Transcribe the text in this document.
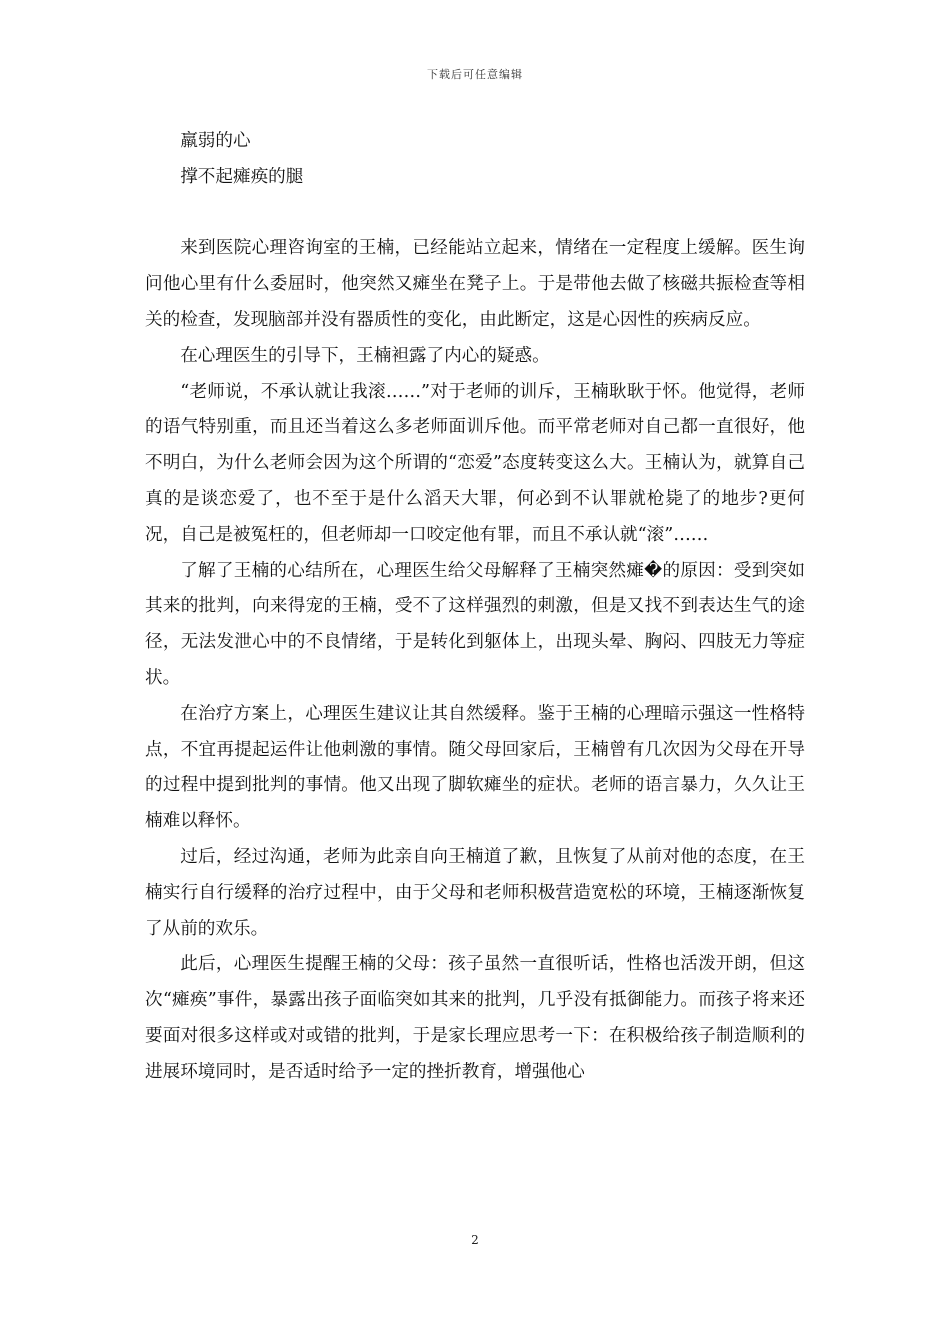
下载后可任意编辑

羸弱的心

撑不起瘫痪的腿

来到医院心理咨询室的王楠，已经能站立起来，情绪在一定程度上缓解。医生询问他心里有什么委屈时，他突然又瘫坐在凳子上。于是带他去做了核磁共振检查等相关的检查，发现脑部并没有器质性的变化，由此断定，这是心因性的疾病反应。

在心理医生的引导下，王楠袒露了内心的疑惑。

“老师说，不承认就让我滚……”对于老师的训斥，王楠耿耿于怀。他觉得，老师的语气特别重，而且还当着这么多老师面训斥他。而平常老师对自己都一直很好，他不明白，为什么老师会因为这个所谓的“恋爱”态度转变这么大。王楠认为，就算自己真的是谈恋爱了，也不至于是什么滔天大罪，何必到不认罪就枪毙了的地步?更何况，自己是被冤枉的，但老师却一口咬定他有罪，而且不承认就“滚”……

了解了王楠的心结所在，心理医生给父母解释了王楠突然瘫�的原因：受到突如其来的批判，向来得宠的王楠，受不了这样强烈的刺激，但是又找不到表达生气的途径，无法发泄心中的不良情绪，于是转化到躯体上，出现头晕、胸闷、四肢无力等症状。

在治疗方案上，心理医生建议让其自然缓释。鉴于王楠的心理暗示强这一性格特点，不宜再提起运件让他刺激的事情。随父母回家后，王楠曾有几次因为父母在开导的过程中提到批判的事情。他又出现了脚软瘫坐的症状。老师的语言暴力，久久让王楠难以释怀。

过后，经过沟通，老师为此亲自向王楠道了歉，且恢复了从前对他的态度，在王楠实行自行缓释的治疗过程中，由于父母和老师积极营造宽松的环境，王楠逐渐恢复了从前的欢乐。

此后，心理医生提醒王楠的父母：孩子虽然一直很听话，性格也活泼开朗，但这次“瘫痪”事件，暴露出孩子面临突如其来的批判，几乎没有抵御能力。而孩子将来还要面对很多这样或对或错的批判，于是家长理应思考一下：在积极给孩子制造顺利的进展环境同时，是否适时给予一定的挫折教育，增强他心

2
